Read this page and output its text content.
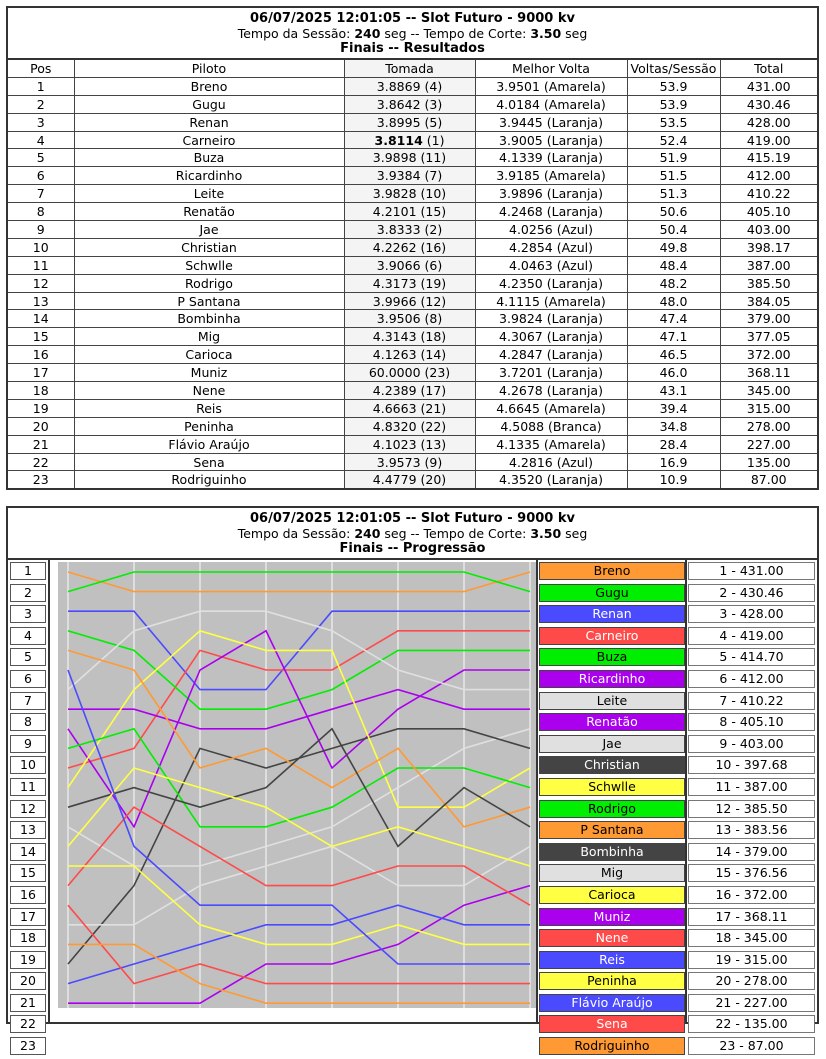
06/07/2025 12:01:05 -- Slot Futuro - 9000 kv
Tempo da Sessão: 240 seg -- Tempo de Corte: 3.50 seg
Finais -- Resultados
Pos	Piloto	Tomada	Melhor Volta	Voltas/Sessão	Total
1	Breno	3.8869 (4)	3.9501 (Amarela)	53.9	431.00
2	Gugu	3.8642 (3)	4.0184 (Amarela)	53.9	430.46
3	Renan	3.8995 (5)	3.9445 (Laranja)	53.5	428.00
4	Carneiro	3.8114 (1)	3.9005 (Laranja)	52.4	419.00
5	Buza	3.9898 (11)	4.1339 (Laranja)	51.9	415.19
6	Ricardinho	3.9384 (7)	3.9185 (Amarela)	51.5	412.00
7	Leite	3.9828 (10)	3.9896 (Laranja)	51.3	410.22
8	Renatão	4.2101 (15)	4.2468 (Laranja)	50.6	405.10
9	Jae	3.8333 (2)	4.0256 (Azul)	50.4	403.00
10	Christian	4.2262 (16)	4.2854 (Azul)	49.8	398.17
11	Schwlle	3.9066 (6)	4.0463 (Azul)	48.4	387.00
12	Rodrigo	4.3173 (19)	4.2350 (Laranja)	48.2	385.50
13	P Santana	3.9966 (12)	4.1115 (Amarela)	48.0	384.05
14	Bombinha	3.9506 (8)	3.9824 (Laranja)	47.4	379.00
15	Mig	4.3143 (18)	4.3067 (Laranja)	47.1	377.05
16	Carioca	4.1263 (14)	4.2847 (Laranja)	46.5	372.00
17	Muniz	60.0000 (23)	3.7201 (Laranja)	46.0	368.11
18	Nene	4.2389 (17)	4.2678 (Laranja)	43.1	345.00
19	Reis	4.6663 (21)	4.6645 (Amarela)	39.4	315.00
20	Peninha	4.8320 (22)	4.5088 (Branca)	34.8	278.00
21	Flávio Araújo	4.1023 (13)	4.1335 (Amarela)	28.4	227.00
22	Sena	3.9573 (9)	4.2816 (Azul)	16.9	135.00
23	Rodriguinho	4.4779 (20)	4.3520 (Laranja)	10.9	87.00
06/07/2025 12:01:05 -- Slot Futuro - 9000 kv
Tempo da Sessão: 240 seg -- Tempo de Corte: 3.50 seg
Finais -- Progressão
1
2
3
4
5
6
7
8
9
10
11
12
13
14
15
16
17
18
19
20
21
22
23
Breno
Gugu
Renan
Carneiro
Buza
Ricardinho
Leite
Renatão
Jae
Christian
Schwlle
Rodrigo
P Santana
Bombinha
Mig
Carioca
Muniz
Nene
Reis
Peninha
Flávio Araújo
Sena
Rodriguinho
1 - 431.00
2 - 430.46
3 - 428.00
4 - 419.00
5 - 414.70
6 - 412.00
7 - 410.22
8 - 405.10
9 - 403.00
10 - 397.68
11 - 387.00
12 - 385.50
13 - 383.56
14 - 379.00
15 - 376.56
16 - 372.00
17 - 368.11
18 - 345.00
19 - 315.00
20 - 278.00
21 - 227.00
22 - 135.00
23 - 87.00
